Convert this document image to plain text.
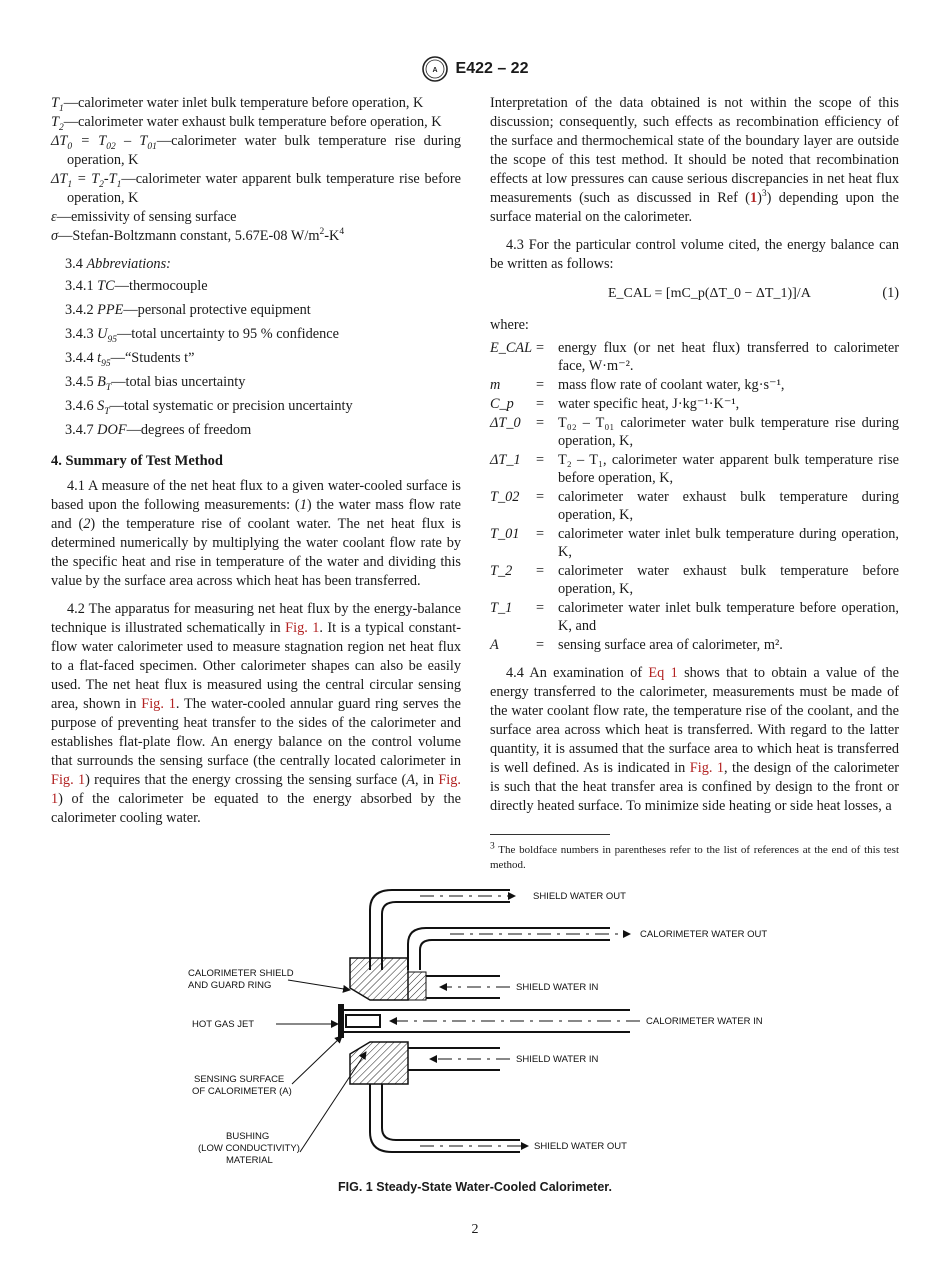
A E422 – 22

$T_1—calorimeter$ water inlet bulk temperature before operation, K

$T_2—calorimeter$ water exhaust bulk temperature before operation, K

$\Delta T_0 = T_{02}$ – $T_{01}—calorimeter$ water bulk temperature rise during operation, K

$\Delta T_1$ = $T_2-T_1—calorimeter$ water apparent bulk temperature rise before operation, K

ε—emissivity of sensing surface

σ—Stefan-Boltzmann constant, 5.67E-08 $W/m^2-K^4$

3.4 Abbreviations:

3.4.1 TC—thermocouple

3.4.2 PPE—personal protective equipment

3.4.3 $U_{95}—total$ uncertainty to 95 % confidence

3.4.4 $t_{95}—“Students$ t”

3.4.5 $B_T—total$ bias uncertainty

3.4.6 $S_T—total$ systematic or precision uncertainty

3.4.7 DOF—degrees of freedom

4. Summary of Test Method

4.1 A measure of the net heat flux to a given water-cooled surface is based upon the following measurements: (1) the water mass flow rate and (2) the temperature rise of coolant water. The net heat flux is determined numerically by multiplying the water coolant flow rate by the specific heat and rise in temperature of the water and dividing this value by the surface area across which heat has been transferred.

4.2 The apparatus for measuring net heat flux by the energy-balance technique is illustrated schematically in Fig. 1. It is a typical constant-flow water calorimeter used to measure stagnation region net heat flux to a flat-faced specimen. Other calorimeter shapes can also be easily used. The net heat flux is measured using the central circular sensing area, shown in Fig. 1. The water-cooled annular guard ring serves the purpose of preventing heat transfer to the sides of the calorimeter and establishes flat-plate flow. An energy balance on the control volume that surrounds the sensing surface (the centrally located calorimeter in Fig. 1) requires that the energy crossing the sensing surface (A, in Fig. 1) of the calorimeter be equated to the energy absorbed by the calorimeter cooling water.

Interpretation of the data obtained is not within the scope of this discussion; consequently, such effects as recombination efficiency of the surface and thermochemical state of the boundary layer are outside the scope of this test method. It should be noted that recombination effects at low pressures can cause serious discrepancies in net heat flux measurements (such as discussed in Ref $(1)^3$) depending upon the surface material on the calorimeter.

4.3 For the particular control volume cited, the energy balance can be written as follows:

E_CAL = [mC_p(ΔT_0 − ΔT_1)]/A	(1)

where:

E_CAL = energy flux (or net heat flux) transferred to calorimeter face, W·m⁻².
m	= mass flow rate of coolant water, kg·s⁻¹,
C_p	= water specific heat, J·kg⁻¹·K⁻¹,
ΔT_0	= T₀₂ – T₀₁ calorimeter water bulk temperature rise during operation, K,
ΔT_1	= T₂ – T₁, calorimeter water apparent bulk temperature rise before operation, K,
T_02	= calorimeter water exhaust bulk temperature during operation, K,
T_01	= calorimeter water inlet bulk temperature during operation, K,
T_2	= calorimeter water exhaust bulk temperature before operation, K,
T_1	= calorimeter water inlet bulk temperature before operation, K, and
A	= sensing surface area of calorimeter, m².

4.4 An examination of Eq 1 shows that to obtain a value of the energy transferred to the calorimeter, measurements must be made of the water coolant flow rate, the temperature rise of the coolant, and the surface area across which heat is transferred. With regard to the latter quantity, it is assumed that the surface area to which heat is transferred is well defined. As is indicated in Fig. 1, the design of the calorimeter is such that the heat transfer area is confined by design to the front or directly heated surface. To minimize side heating or side heat losses, a

$^3$ The boldface numbers in parentheses refer to the list of references at the end of this test method.

SHIELD WATER OUT
CALORIMETER WATER OUT
SHIELD WATER IN
CALORIMETER WATER IN
SHIELD WATER IN
SHIELD WATER OUT
CALORIMETER SHIELD
AND GUARD RING
HOT GAS JET
SENSING SURFACE
OF CALORIMETER (A)
BUSHING
(LOW CONDUCTIVITY)
MATERIAL
FIG. 1 Steady-State Water-Cooled Calorimeter.
2
